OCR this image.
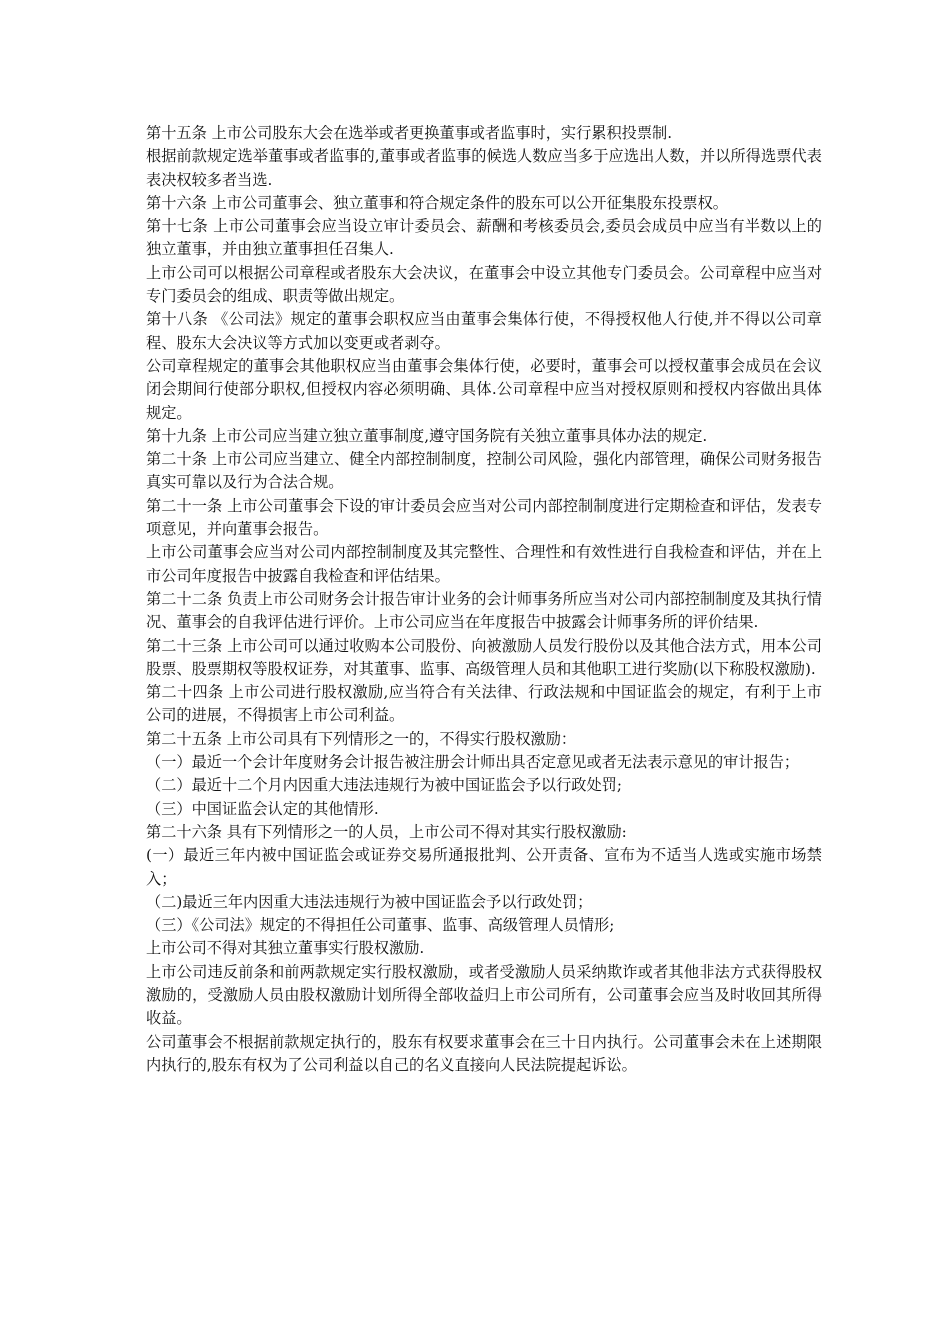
第十五条 上市公司股东大会在选举或者更换董事或者监事时，实行累积投票制.

根据前款规定选举董事或者监事的,董事或者监事的候选人数应当多于应选出人数，并以所得选票代表表决权较多者当选.

第十六条 上市公司董事会、独立董事和符合规定条件的股东可以公开征集股东投票权。

第十七条 上市公司董事会应当设立审计委员会、薪酬和考核委员会,委员会成员中应当有半数以上的独立董事，并由独立董事担任召集人.

上市公司可以根据公司章程或者股东大会决议，在董事会中设立其他专门委员会。公司章程中应当对专门委员会的组成、职责等做出规定。

第十八条 《公司法》规定的董事会职权应当由董事会集体行使，不得授权他人行使,并不得以公司章程、股东大会决议等方式加以变更或者剥夺。

公司章程规定的董事会其他职权应当由董事会集体行使，必要时，董事会可以授权董事会成员在会议闭会期间行使部分职权,但授权内容必须明确、具体.公司章程中应当对授权原则和授权内容做出具体规定。

第十九条 上市公司应当建立独立董事制度,遵守国务院有关独立董事具体办法的规定.

第二十条 上市公司应当建立、健全内部控制制度，控制公司风险，强化内部管理，确保公司财务报告真实可靠以及行为合法合规。

第二十一条 上市公司董事会下设的审计委员会应当对公司内部控制制度进行定期检查和评估，发表专项意见，并向董事会报告。

上市公司董事会应当对公司内部控制制度及其完整性、合理性和有效性进行自我检查和评估，并在上市公司年度报告中披露自我检查和评估结果。

第二十二条 负责上市公司财务会计报告审计业务的会计师事务所应当对公司内部控制制度及其执行情况、董事会的自我评估进行评价。上市公司应当在年度报告中披露会计师事务所的评价结果.

第二十三条 上市公司可以通过收购本公司股份、向被激励人员发行股份以及其他合法方式，用本公司股票、股票期权等股权证券，对其董事、监事、高级管理人员和其他职工进行奖励(以下称股权激励).

第二十四条 上市公司进行股权激励,应当符合有关法律、行政法规和中国证监会的规定，有利于上市公司的进展，不得损害上市公司利益。

第二十五条 上市公司具有下列情形之一的，不得实行股权激励：

（一）最近一个会计年度财务会计报告被注册会计师出具否定意见或者无法表示意见的审计报告；

（二）最近十二个月内因重大违法违规行为被中国证监会予以行政处罚;

（三）中国证监会认定的其他情形.

第二十六条 具有下列情形之一的人员，上市公司不得对其实行股权激励:

(一）最近三年内被中国证监会或证券交易所通报批判、公开责备、宣布为不适当人选或实施市场禁入；

（二)最近三年内因重大违法违规行为被中国证监会予以行政处罚；

（三）《公司法》规定的不得担任公司董事、监事、高级管理人员情形;

上市公司不得对其独立董事实行股权激励.

上市公司违反前条和前两款规定实行股权激励，或者受激励人员采纳欺诈或者其他非法方式获得股权激励的，受激励人员由股权激励计划所得全部收益归上市公司所有，公司董事会应当及时收回其所得收益。

公司董事会不根据前款规定执行的，股东有权要求董事会在三十日内执行。公司董事会未在上述期限内执行的,股东有权为了公司利益以自己的名义直接向人民法院提起诉讼。
